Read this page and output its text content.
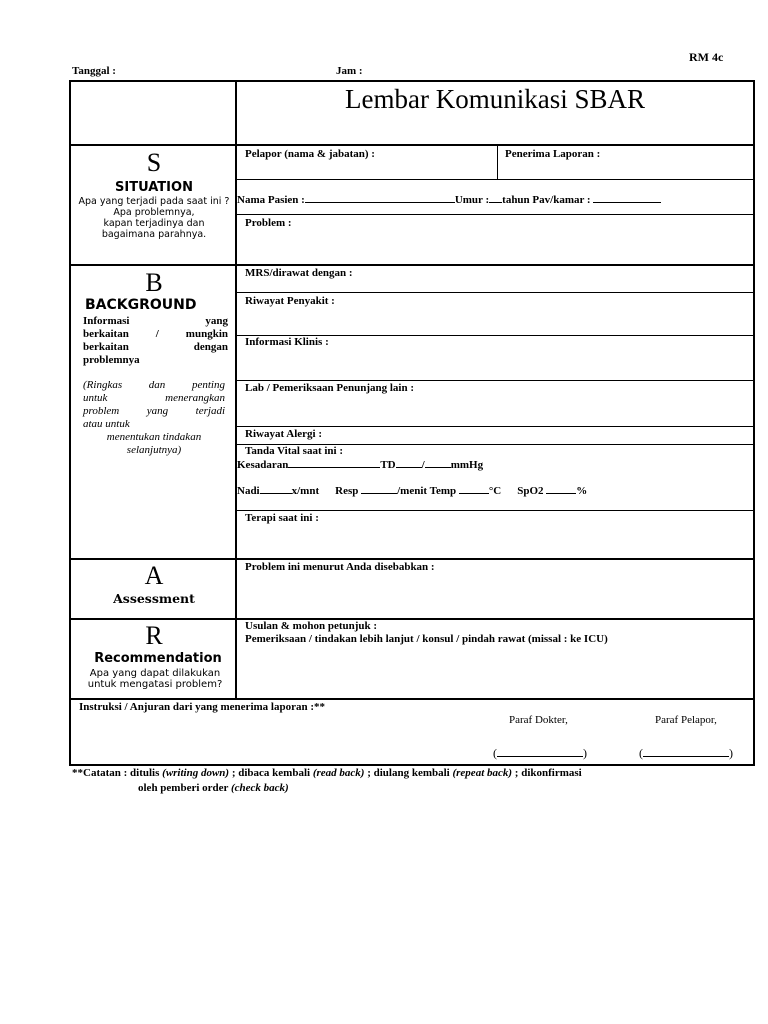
RM 4c
Tanggal :	Jam :
Lembar Komunikasi SBAR
S
SITUATION
Apa yang terjadi pada saat ini ?
Apa problemnya,
kapan terjadinya dan
bagaimana parahnya.
Pelapor (nama & jabatan) :	Penerima Laporan :
Nama Pasien :	Umur : tahun Pav/kamar :
Problem :
B
BACKGROUND
Informasi yang
berkaitan / mungkin
berkaitan dengan
problemnya
(Ringkas dan penting
untuk menerangkan
problem yang terjadi
atau untuk
menentukan tindakan
selanjutnya)
MRS/dirawat dengan :
Riwayat Penyakit :
Informasi Klinis :
Lab / Pemeriksaan Penunjang lain :
Riwayat Alergi :
Tanda Vital saat ini :
Kesadaran	TD / mmHg
Nadi	x/mnt Resp	/menit Temp	°C SpO2	%
Terapi saat ini :
A
Assessment
Problem ini menurut Anda disebabkan :
R
Recommendation
Apa yang dapat dilakukan
untuk mengatasi problem?
Usulan & mohon petunjuk :
Pemeriksaan / tindakan lebih lanjut / konsul / pindah rawat (missal : ke ICU)
Instruksi / Anjuran dari yang menerima laporan :**
Paraf Dokter,	Paraf Pelapor,
(	)	(	)
**Catatan : ditulis (writing down) ; dibaca kembali (read back) ; diulang kembali (repeat back) ; dikonfirmasi
oleh pemberi order (check back)
